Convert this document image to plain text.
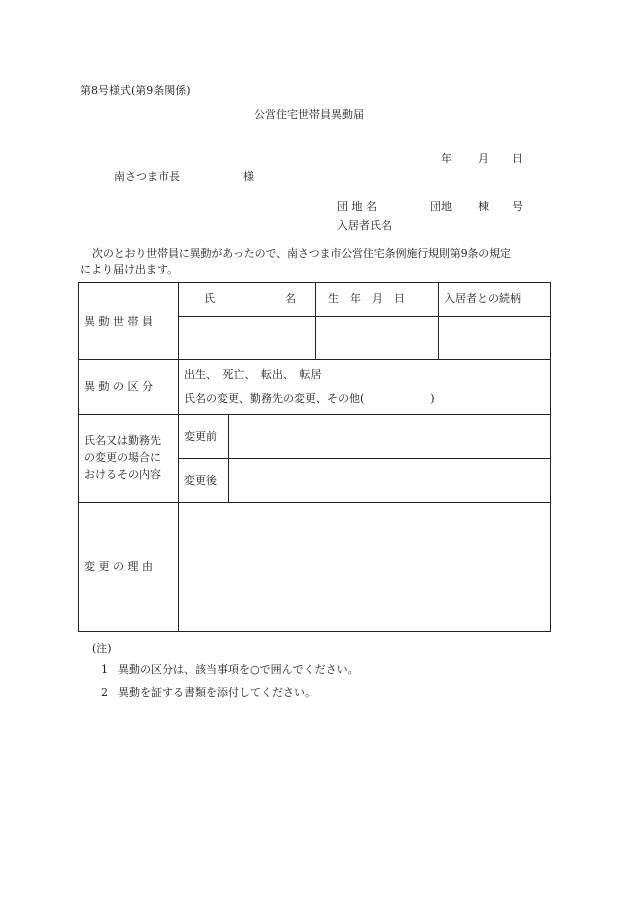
第8号様式(第9条関係)
公営住宅世帯員異動届
年 月 日
南さつま市長	様
団 地 名	団地 棟 号
入居者氏名
次のとおり世帯員に異動があったので、南さつま市公営住宅条例施行規則第9条の規定
により届け出ます。
異 動 世 帯 員
氏	名	生　年　月　日	入居者との続柄
異 動 の 区 分
出生、　死亡、　転出、　転居
氏名の変更、勤務先の変更、その他(　　　　　　)
氏名又は勤務先
の変更の場合に
おけるその内容
変更前
変更後
変 更 の 理 由
(注)
1 異動の区分は、該当事項を○で囲んでください。
2 異動を証する書類を添付してください。
